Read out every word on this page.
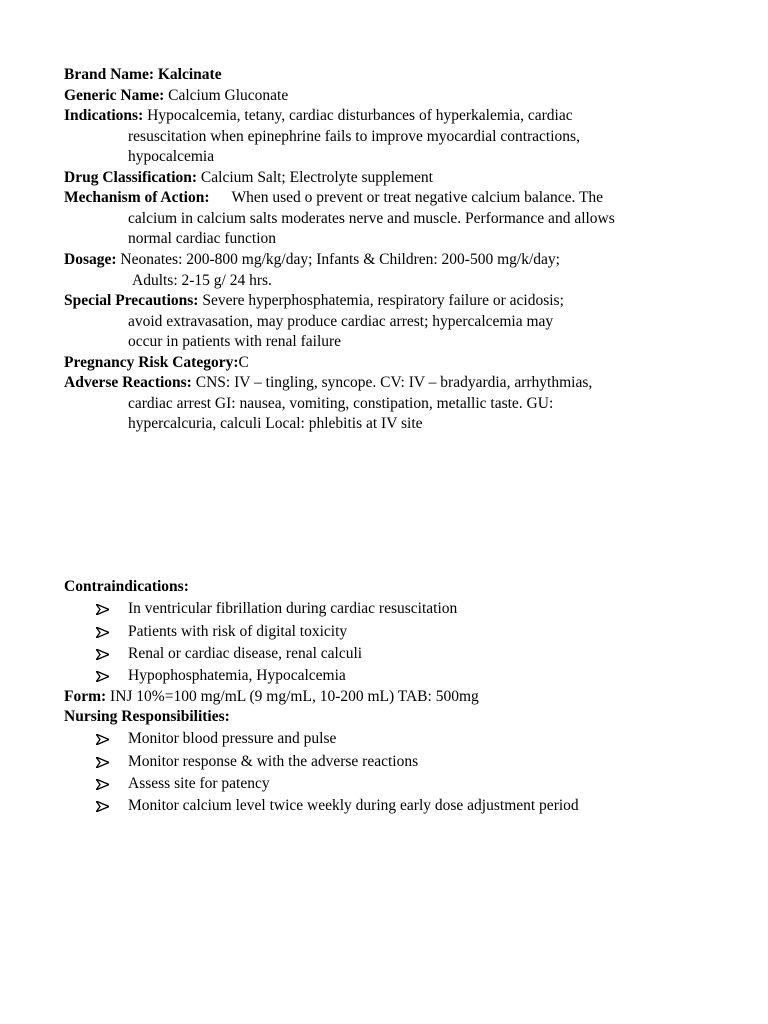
Brand Name: Kalcinate
Generic Name: Calcium Gluconate
Indications: Hypocalcemia, tetany, cardiac disturbances of hyperkalemia, cardiac
resuscitation when epinephrine fails to improve myocardial contractions,
hypocalcemia
Drug Classification: Calcium Salt; Electrolyte supplement
Mechanism of Action: When used o prevent or treat negative calcium balance. The
calcium in calcium salts moderates nerve and muscle. Performance and allows
normal cardiac function
Dosage: Neonates: 200-800 mg/kg/day; Infants & Children: 200-500 mg/k/day;
Adults: 2-15 g/ 24 hrs.
Special Precautions: Severe hyperphosphatemia, respiratory failure or acidosis;
avoid extravasation, may produce cardiac arrest; hypercalcemia may
occur in patients with renal failure
Pregnancy Risk Category:C
Adverse Reactions: CNS: IV – tingling, syncope. CV: IV – bradyardia, arrhythmias,
cardiac arrest GI: nausea, vomiting, constipation, metallic taste. GU:
hypercalcuria, calculi Local: phlebitis at IV site
Contraindications:
In ventricular fibrillation during cardiac resuscitation
Patients with risk of digital toxicity
Renal or cardiac disease, renal calculi
Hypophosphatemia, Hypocalcemia
Form: INJ 10%=100 mg/mL (9 mg/mL, 10-200 mL) TAB: 500mg
Nursing Responsibilities:
Monitor blood pressure and pulse
Monitor response & with the adverse reactions
Assess site for patency
Monitor calcium level twice weekly during early dose adjustment period
